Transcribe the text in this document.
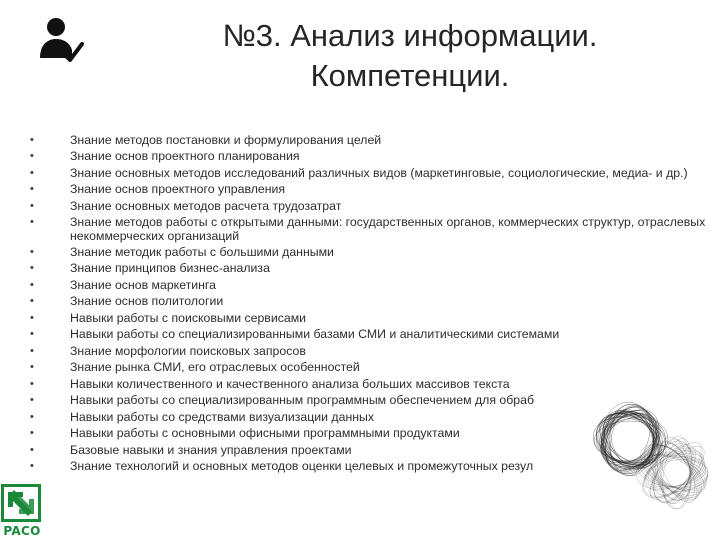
№3. Анализ информации.
Компетенции.
• Знание методов постановки и формулирования целей
• Знание основ проектного планирования
• Знание основных методов исследований различных видов (маркетинговые, социологические, медиа- и др.)
• Знание основ проектного управления
• Знание основных методов расчета трудозатрат
• Знание методов работы с открытыми данными: государственных органов, коммерческих структур, отраслевых некоммерческих организаций
• Знание методик работы с большими данными
• Знание принципов бизнес-анализа
• Знание основ маркетинга
• Знание основ политологии
• Навыки работы с поисковыми сервисами
• Навыки работы со специализированными базами СМИ и аналитическими системами
• Знание морфологии поисковых запросов
• Знание рынка СМИ, его отраслевых особенностей
• Навыки количественного и качественного анализа больших массивов текста
• Навыки работы со специализированным программным обеспечением для обраб
• Навыки работы со средствами визуализации данных
• Навыки работы с основными офисными программными продуктами
• Базовые навыки и знания управления проектами
• Знание технологий и основных методов оценки целевых и промежуточных резул
PACO
